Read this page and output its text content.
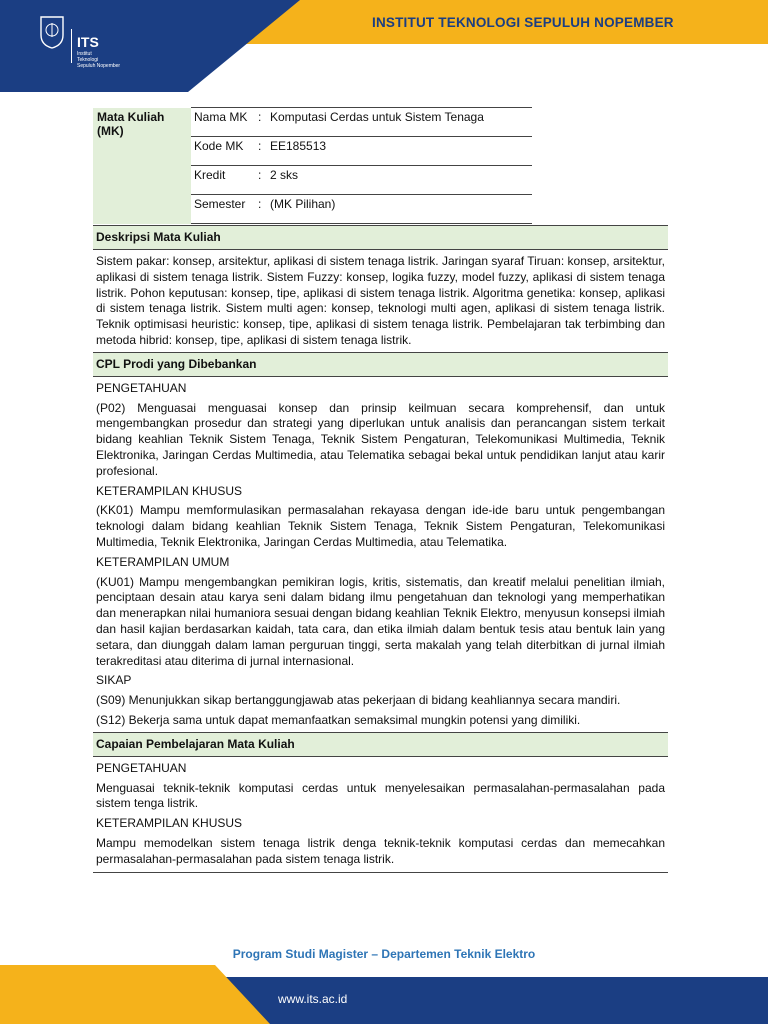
INSTITUT TEKNOLOGI SEPULUH NOPEMBER
ITS
Institut
Teknologi
Sepuluh Nopember
Mata Kuliah (MK)	Nama MK : Komputasi Cerdas untuk Sistem Tenaga
Kode MK : EE185513
Kredit	: 2 sks
Semester : (MK Pilihan)
Deskripsi Mata Kuliah
Sistem pakar: konsep, arsitektur, aplikasi di sistem tenaga listrik. Jaringan syaraf Tiruan: konsep, arsitektur, aplikasi di sistem tenaga listrik. Sistem Fuzzy: konsep, logika fuzzy, model fuzzy, aplikasi di sistem tenaga listrik. Pohon keputusan: konsep, tipe, aplikasi di sistem tenaga listrik. Algoritma genetika: konsep, aplikasi di sistem tenaga listrik. Sistem multi agen: konsep, teknologi multi agen, aplikasi di sistem tenaga listrik. Teknik optimisasi heuristic: konsep, tipe, aplikasi di sistem tenaga listrik. Pembelajaran tak terbimbing dan metoda hibrid: konsep, tipe, aplikasi di sistem tenaga listrik.
CPL Prodi yang Dibebankan
PENGETAHUAN
(P02) Menguasai menguasai konsep dan prinsip keilmuan secara komprehensif, dan untuk mengembangkan prosedur dan strategi yang diperlukan untuk analisis dan perancangan sistem terkait bidang keahlian Teknik Sistem Tenaga, Teknik Sistem Pengaturan, Telekomunikasi Multimedia, Teknik Elektronika, Jaringan Cerdas Multimedia, atau Telematika sebagai bekal untuk pendidikan lanjut atau karir profesional.
KETERAMPILAN KHUSUS
(KK01) Mampu memformulasikan permasalahan rekayasa dengan ide-ide baru untuk pengembangan teknologi dalam bidang keahlian Teknik Sistem Tenaga, Teknik Sistem Pengaturan, Telekomunikasi Multimedia, Teknik Elektronika, Jaringan Cerdas Multimedia, atau Telematika.
KETERAMPILAN UMUM
(KU01) Mampu mengembangkan pemikiran logis, kritis, sistematis, dan kreatif melalui penelitian ilmiah, penciptaan desain atau karya seni dalam bidang ilmu pengetahuan dan teknologi yang memperhatikan dan menerapkan nilai humaniora sesuai dengan bidang keahlian Teknik Elektro, menyusun konsepsi ilmiah dan hasil kajian berdasarkan kaidah, tata cara, dan etika ilmiah dalam bentuk tesis atau bentuk lain yang setara, dan diunggah dalam laman perguruan tinggi, serta makalah yang telah diterbitkan di jurnal ilmiah terakreditasi atau diterima di jurnal internasional.
SIKAP
(S09) Menunjukkan sikap bertanggungjawab atas pekerjaan di bidang keahliannya secara mandiri.
(S12) Bekerja sama untuk dapat memanfaatkan semaksimal mungkin potensi yang dimiliki.
Capaian Pembelajaran Mata Kuliah
PENGETAHUAN
Menguasai teknik-teknik komputasi cerdas untuk menyelesaikan permasalahan-permasalahan pada sistem tenga listrik.
KETERAMPILAN KHUSUS
Mampu memodelkan sistem tenaga listrik denga teknik-teknik komputasi cerdas dan memecahkan permasalahan-permasalahan pada sistem tenaga listrik.
Program Studi Magister – Departemen Teknik Elektro
www.its.ac.id
